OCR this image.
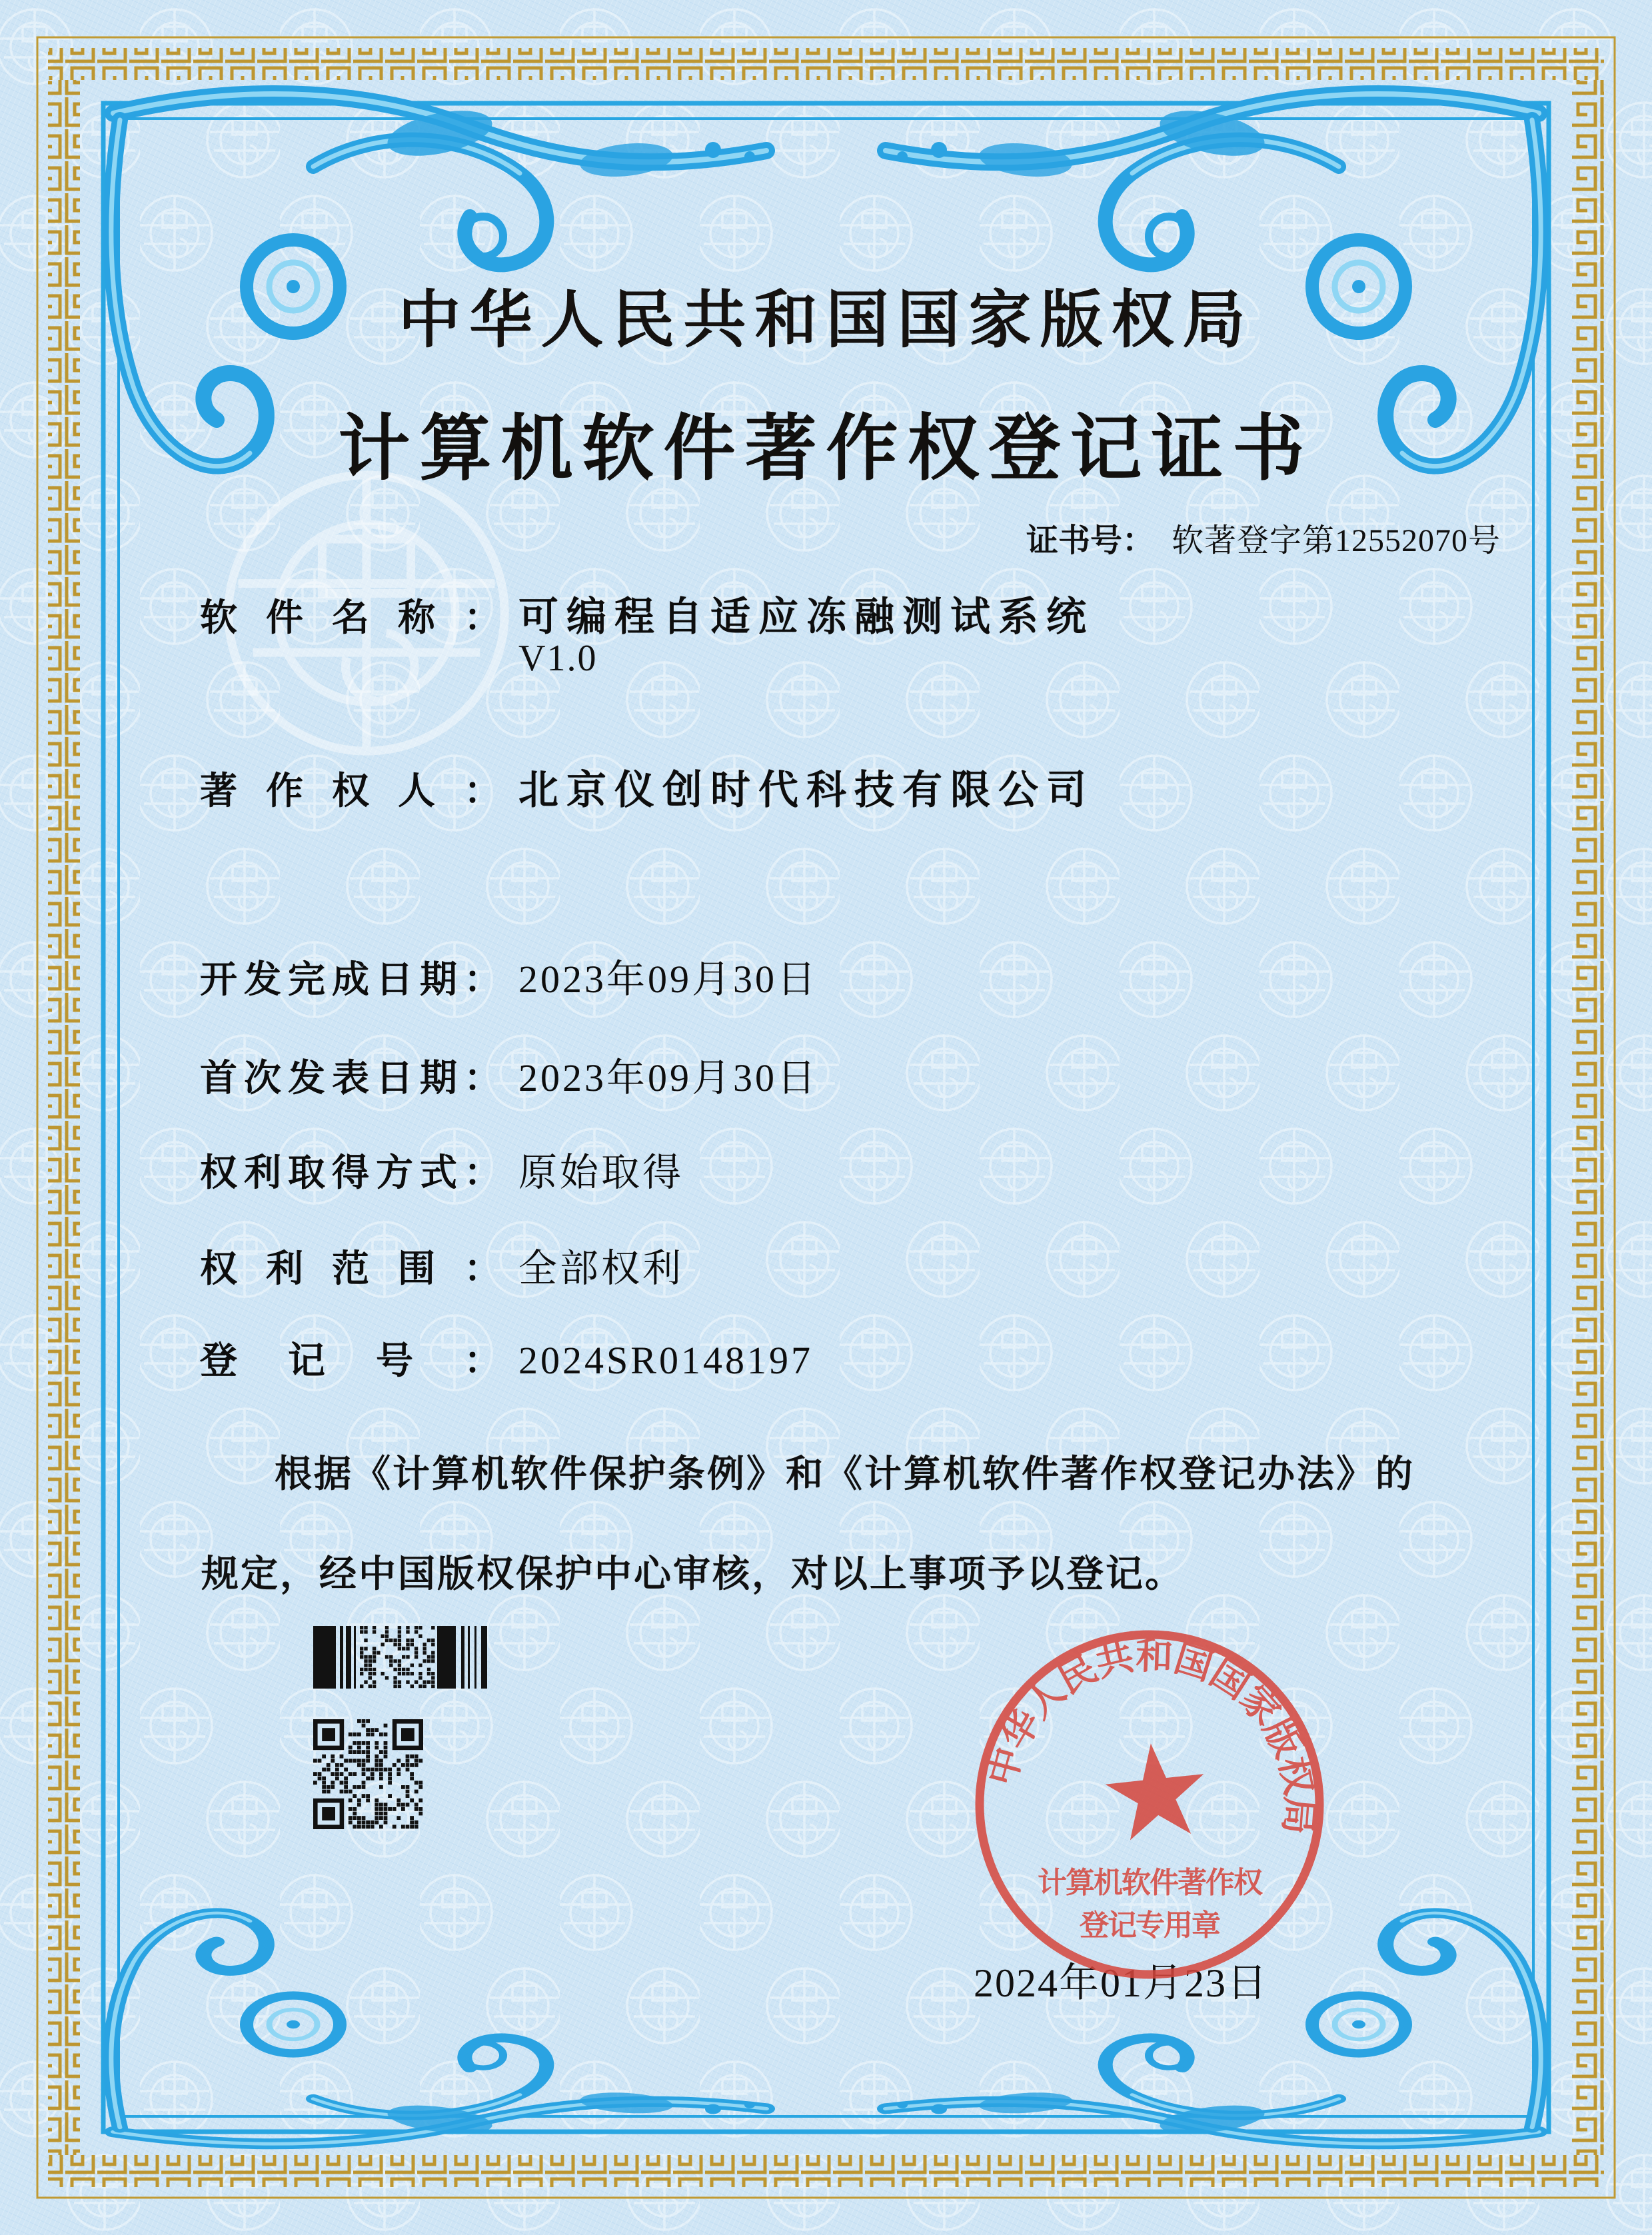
中华人民共和国国家版权局
计算机软件著作权登记证书
证书号： 软著登字第12552070号
软件名称： 可编程自适应冻融测试系统
V1.0
著作权人： 北京仪创时代科技有限公司
开发完成日期： 2023年09月30日
首次发表日期： 2023年09月30日
权利取得方式： 原始取得
权利范围： 全部权利
登记号： 2024SR0148197
根据《计算机软件保护条例》和《计算机软件著作权登记办法》的
规定，经中国版权保护中心审核，对以上事项予以登记。
2024年01月23日
中华人民共和国国家版权局
计算机软件著作权
登记专用章
